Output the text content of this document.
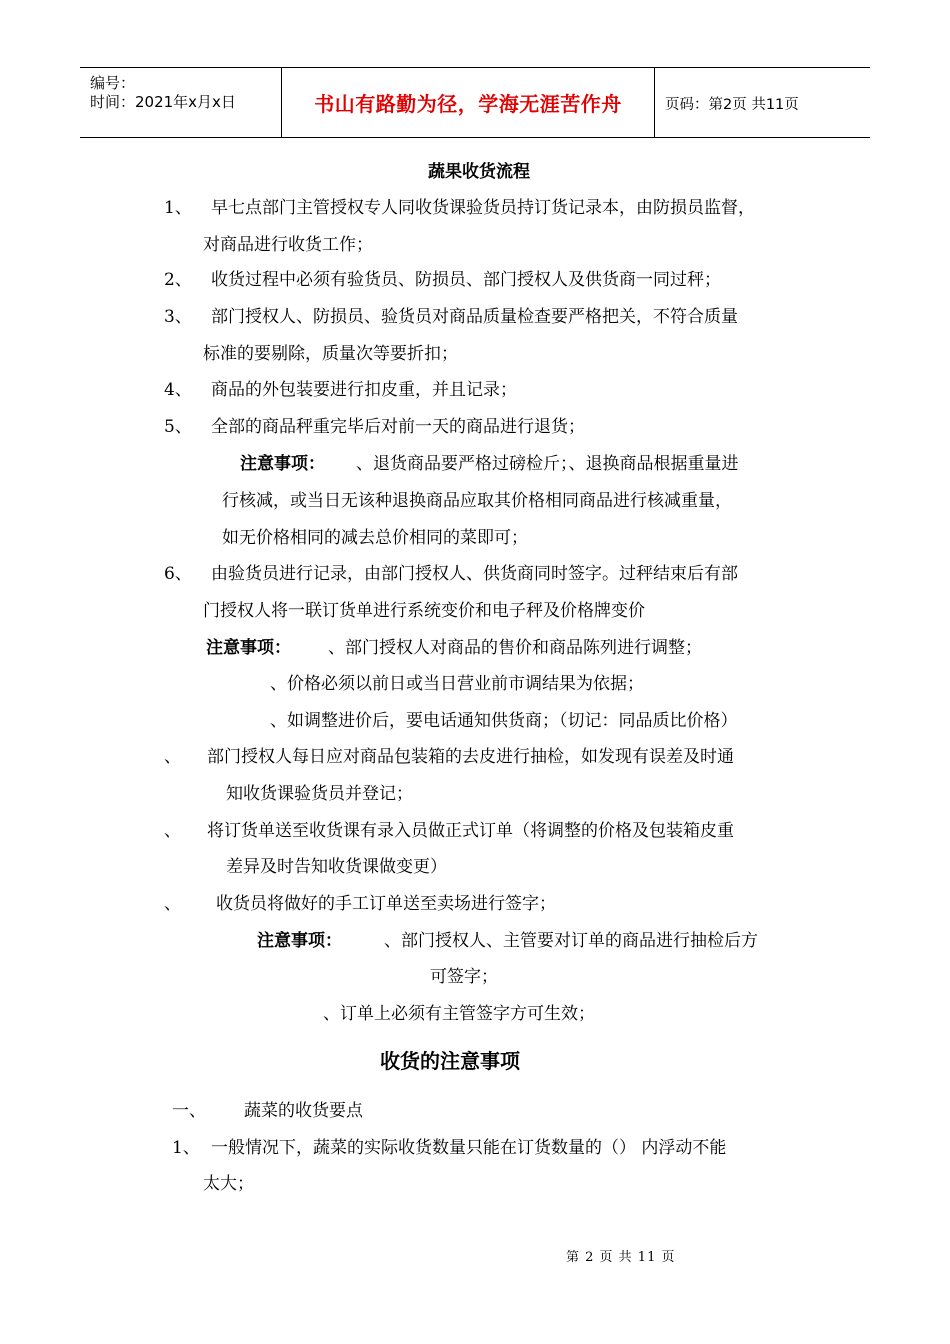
编号：
时间：2021年x月x日	书山有路勤为径，学海无涯苦作舟	页码：第2页 共11页
蔬果收货流程
1、 早七点部门主管授权专人同收货课验货员持订货记录本，由防损员监督，
对商品进行收货工作；
2、 收货过程中必须有验货员、防损员、部门授权人及供货商一同过秤；
3、 部门授权人、防损员、验货员对商品质量检查要严格把关，不符合质量
标准的要剔除，质量次等要折扣；
4、 商品的外包装要进行扣皮重，并且记录；
5、 全部的商品秤重完毕后对前一天的商品进行退货；
注意事项： 、退货商品要严格过磅检斤；、退换商品根据重量进
行核减，或当日无该种退换商品应取其价格相同商品进行核减重量，
如无价格相同的减去总价相同的菜即可；
6、 由验货员进行记录，由部门授权人、供货商同时签字。过秤结束后有部
门授权人将一联订货单进行系统变价和电子秤及价格牌变价
注意事项： 、部门授权人对商品的售价和商品陈列进行调整；
、价格必须以前日或当日营业前市调结果为依据；
、如调整进价后，要电话通知供货商；（切记：同品质比价格）
、 部门授权人每日应对商品包装箱的去皮进行抽检，如发现有误差及时通
知收货课验货员并登记；
、 将订货单送至收货课有录入员做正式订单（将调整的价格及包装箱皮重
差异及时告知收货课做变更）
、 收货员将做好的手工订单送至卖场进行签字；
注意事项： 、部门授权人、主管要对订单的商品进行抽检后方
可签字；
、订单上必须有主管签字方可生效；
收货的注意事项
一、 蔬菜的收货要点
1、 一般情况下，蔬菜的实际收货数量只能在订货数量的（） 内浮动不能
太大；
第 2 页 共 11 页
